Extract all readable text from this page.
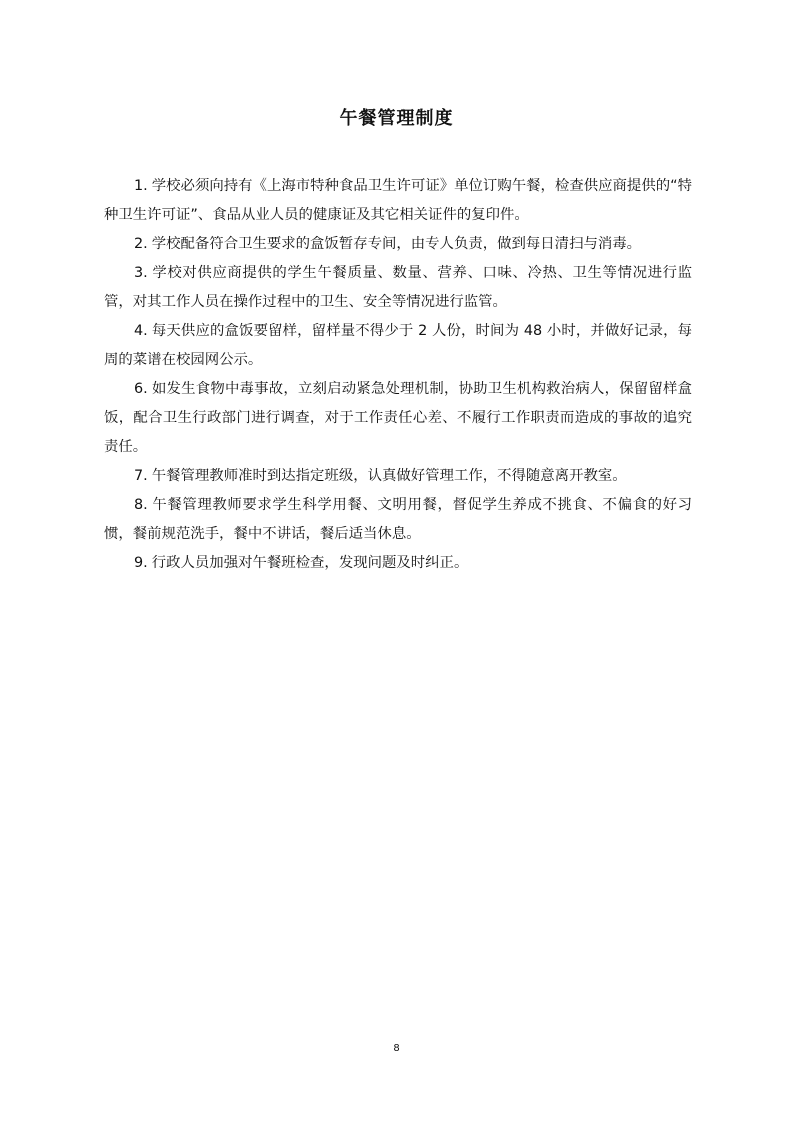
午餐管理制度

1. 学校必须向持有《上海市特种食品卫生许可证》单位订购午餐，检查供应商提供的“特种卫生许可证”、食品从业人员的健康证及其它相关证件的复印件。

2. 学校配备符合卫生要求的盒饭暂存专间，由专人负责，做到每日清扫与消毒。

3. 学校对供应商提供的学生午餐质量、数量、营养、口味、冷热、卫生等情况进行监管，对其工作人员在操作过程中的卫生、安全等情况进行监管。

4. 每天供应的盒饭要留样，留样量不得少于 2 人份，时间为 48 小时，并做好记录，每周的菜谱在校园网公示。

6. 如发生食物中毒事故，立刻启动紧急处理机制，协助卫生机构救治病人，保留留样盒饭，配合卫生行政部门进行调查，对于工作责任心差、不履行工作职责而造成的事故的追究责任。

7. 午餐管理教师准时到达指定班级，认真做好管理工作，不得随意离开教室。

8. 午餐管理教师要求学生科学用餐、文明用餐，督促学生养成不挑食、不偏食的好习惯，餐前规范洗手，餐中不讲话，餐后适当休息。

9. 行政人员加强对午餐班检查，发现问题及时纠正。

8
